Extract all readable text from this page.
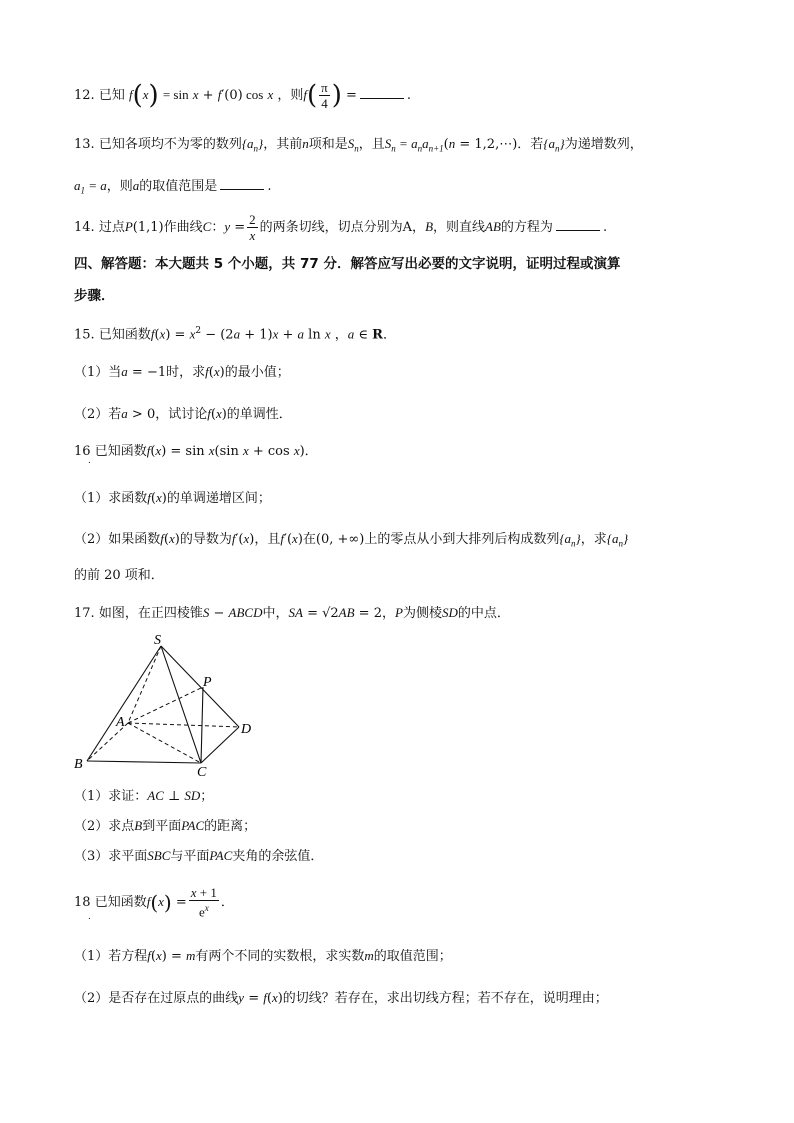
12. 已知 f(x) = sin x + f′(0) cos x ，则$f( \frac{\pi}{4}$ ) =	.
13. 已知各项均不为零的数列$\{a_n\}$，其前n项和是$S_n$，且$S_n = a_na_{n+1}(n$ = 1,2,⋯)．若$\{a_n\}$为递增数列，
$a_1 = a$，则a的取值范围是	.
14. 过点P(1,1)作曲线C：$y = \frac{2}{x}$ 的两条切线，切点分别为A，B，则直线AB的方程为	.
四、解答题：本大题共 5 个小题，共 77 分．解答应写出必要的文字说明，证明过程或演算
步骤．
15. 已知函数$f(x) = x^2 - (2a + 1)x + a$ ln x ，a ∈ R．
（1）当a = −1时，求f(x)的最小值；
（2）若a > 0，试讨论f(x)的单调性．
16 已知函数f(x) = sin x(sin x + cos x)．
.
（1）求函数f(x)的单调递增区间；
（2）如果函数f(x)的导数为f′(x)，且f′(x)在(0, +∞)上的零点从小到大排列后构成数列$\{a_n\}$，求$\{a_n\}$
的前 20 项和．
17. 如图，在正四棱锥S − ABCD中，SA = √2AB = 2，P为侧棱SD的中点．
S
P
A	D
B
C
（1）求证：AC ⊥ SD；
（2）求点B到平面PAC的距离；
（3）求平面SBC与平面PAC夹角的余弦值．
18 已知函数$f(x) = \frac{x + 1}{e^x}$ ．
.
（1）若方程f(x) = m有两个不同的实数根，求实数m的取值范围；
（2）是否存在过原点的曲线y = f(x)的切线？若存在，求出切线方程；若不存在，说明理由；
